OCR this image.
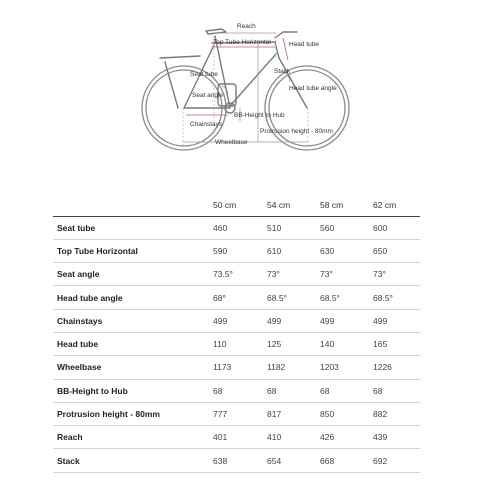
Reach
Top Tube Horizontal	Head tube
Seat tube	Stack
Head tube angle
Seat angle
BB-Height to Hub
Chainstays
Protrusion height - 80mm
Wheelbase
	50 cm	54 cm	58 cm	62 cm
Seat tube	460	510	560	600
Top Tube Horizontal	590	610	630	650
Seat angle	73.5°	73°	73°	73°
Head tube angle	68°	68.5°	68.5°	68.5°
Chainstays	499	499	499	499
Head tube	110	125	140	165
Wheelbase	1173	1182	1203	1226
BB-Height to Hub	68	68	68	68
Protrusion height - 80mm	777	817	850	882
Reach	401	410	426	439
Stack	638	654	668	692
